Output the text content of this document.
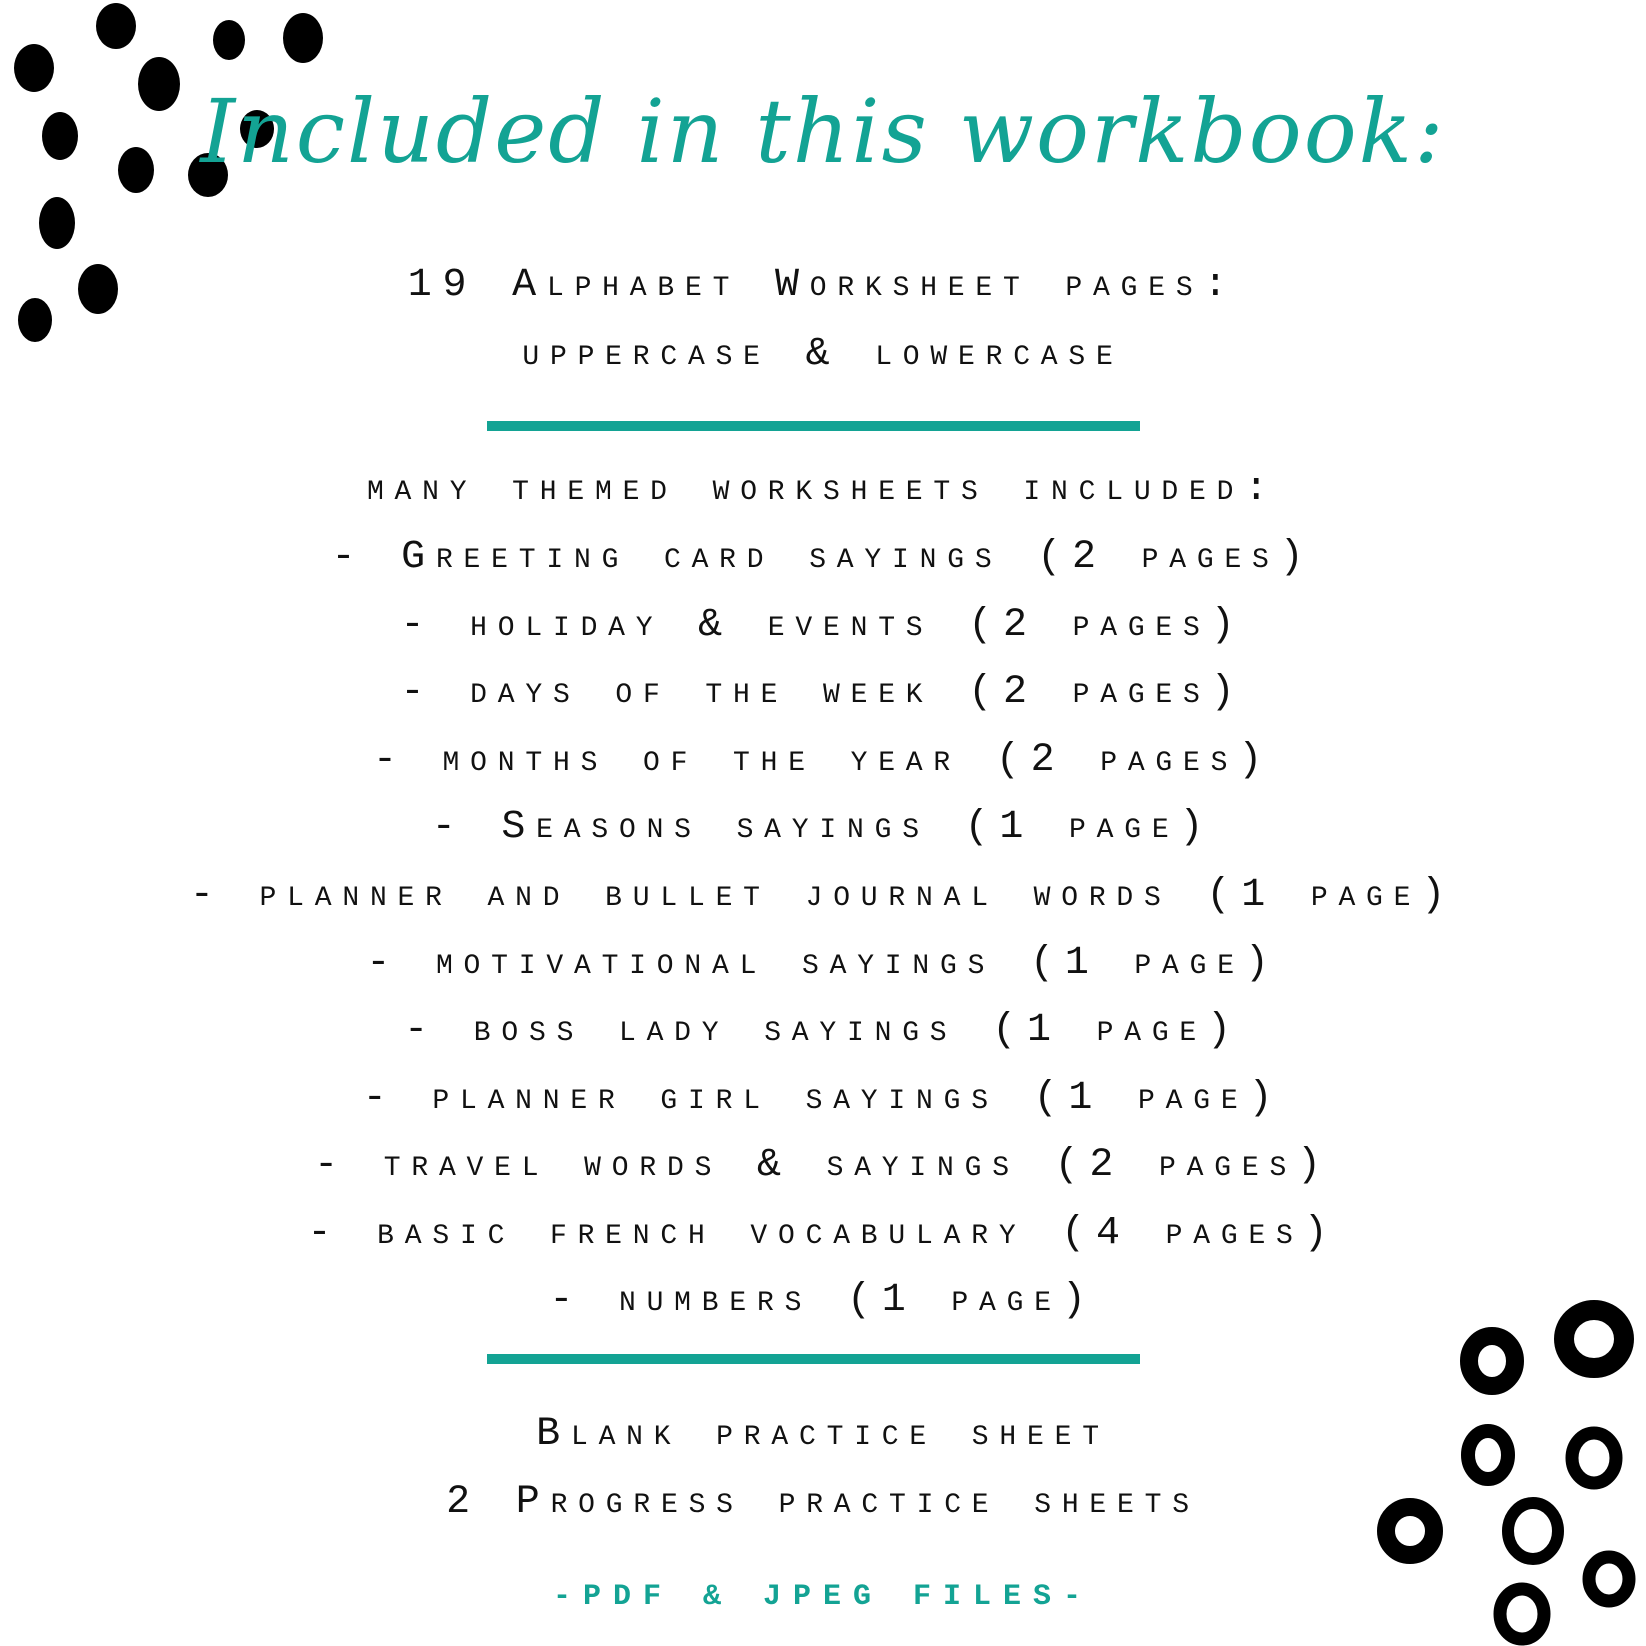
Included in this workbook:
19 Alphabet Worksheet pages:
uppercase & lowercase
many themed worksheets included:
- Greeting card sayings (2 pages)
- holiday & events (2 pages)
- days of the week (2 pages)
- months of the year (2 pages)
- Seasons sayings (1 page)
- planner and bullet journal words (1 page)
- motivational sayings (1 page)
- boss lady sayings (1 page)
- planner girl sayings (1 page)
- travel words & sayings (2 pages)
- basic french vocabulary (4 pages)
- numbers (1 page)
Blank practice sheet
2 Progress practice sheets
-PDF & JPEG FILES-
